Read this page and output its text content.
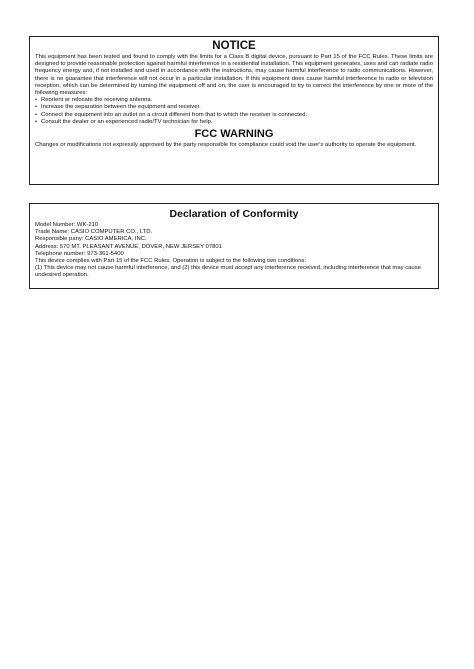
NOTICE

This equipment has been tested and found to comply with the limits for a Class B digital device, pursuant to Part 15 of the FCC Rules. These limits are designed to provide reasonable protection against harmful interference in a residential installation. This equipment generates, uses and can radiate radio frequency energy and, if not installed and used in accordance with the instructions, may cause harmful interference to radio communications. However, there is no guarantee that interference will not occur in a particular installation. If this equipment does cause harmful interference to radio or television reception, which can be determined by turning the equipment off and on, the user is encouraged to try to correct the interference by one or more of the following measures:

• Reorient or relocate the receiving antenna.
• Increase the separation between the equipment and receiver.
• Connect the equipment into an outlet on a circuit different from that to which the receiver is connected.
• Consult the dealer or an experienced radio/TV technician for help.
FCC WARNING

Changes or modifications not expressly approved by the party responsible for compliance could void the user's authority to operate the equipment.

Declaration of Conformity

Model Number: WK-210

Trade Name: CASIO COMPUTER CO., LTD.

Responsible pany: CASIO AMERICA, INC.

Address: 570 MT. PLEASANT AVENUE, DOVER, NEW JERSEY 07801

Telephone number: 973-361-5400

This device complies with Part 15 of the FCC Rules, Operation is subject to the following two conditions:

(1) This device may not cause harmful interference, and (2) this device must accept any interference received, including interference that may cause undesired operation.
